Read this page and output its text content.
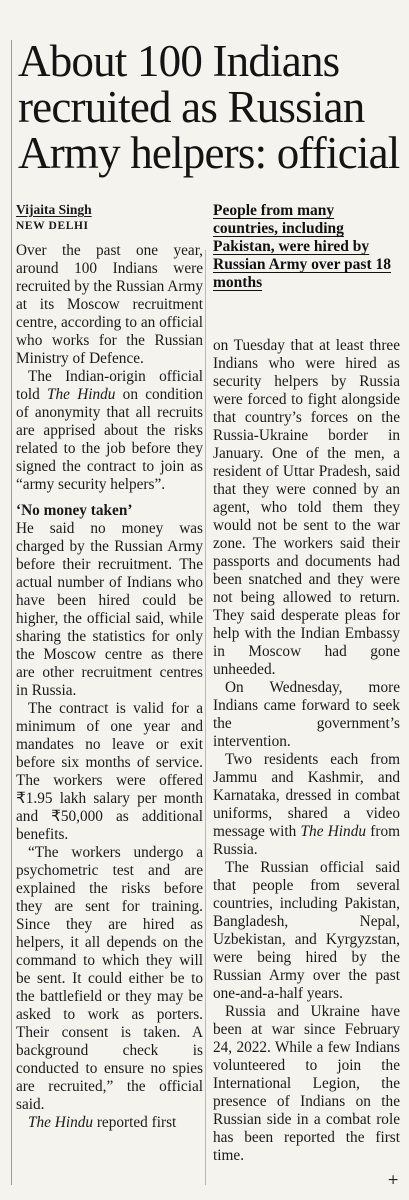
About 100 Indians
recruited as Russian
Army helpers: official

Vijaita Singh

NEW DELHI

Over the past one year, around 100 Indians were recruited by the Russian Army at its Moscow recruitment centre, according to an official who works for the Russian Ministry of Defence.

The Indian-origin official told The Hindu on condition of anonymity that all recruits are apprised about the risks related to the job before they signed the contract to join as “army security helpers”.

‘No money taken’

He said no money was charged by the Russian Army before their recruitment. The actual number of Indians who have been hired could be higher, the official said, while sharing the statistics for only the Moscow centre as there are other recruitment centres in Russia.

The contract is valid for a minimum of one year and mandates no leave or exit before six months of service. The workers were offered ₹1.95 lakh salary per month and ₹50,000 as additional benefits.

“The workers undergo a psychometric test and are explained the risks before they are sent for training. Since they are hired as helpers, it all depends on the command to which they will be sent. It could either be to the battlefield or they may be asked to work as porters. Their consent is taken. A background check is conducted to ensure no spies are recruited,” the official said.

The Hindu reported first

People from many countries, including Pakistan, were hired by Russian Army over past 18 months

on Tuesday that at least three Indians who were hired as security helpers by Russia were forced to fight alongside that country’s forces on the Russia-Ukraine border in January. One of the men, a resident of Uttar Pradesh, said that they were conned by an agent, who told them they would not be sent to the war zone. The workers said their passports and documents had been snatched and they were not being allowed to return. They said desperate pleas for help with the Indian Embassy in Moscow had gone unheeded.

On Wednesday, more Indians came forward to seek the government’s intervention.

Two residents each from Jammu and Kashmir, and Karnataka, dressed in combat uniforms, shared a video message with The Hindu from Russia.

The Russian official said that people from several countries, including Pakistan, Bangladesh, Nepal, Uzbekistan, and Kyrgyzstan, were being hired by the Russian Army over the past one-and-a-half years.

Russia and Ukraine have been at war since February 24, 2022. While a few Indians volunteered to join the International Legion, the presence of Indians on the Russian side in a combat role has been reported the first time.

+
